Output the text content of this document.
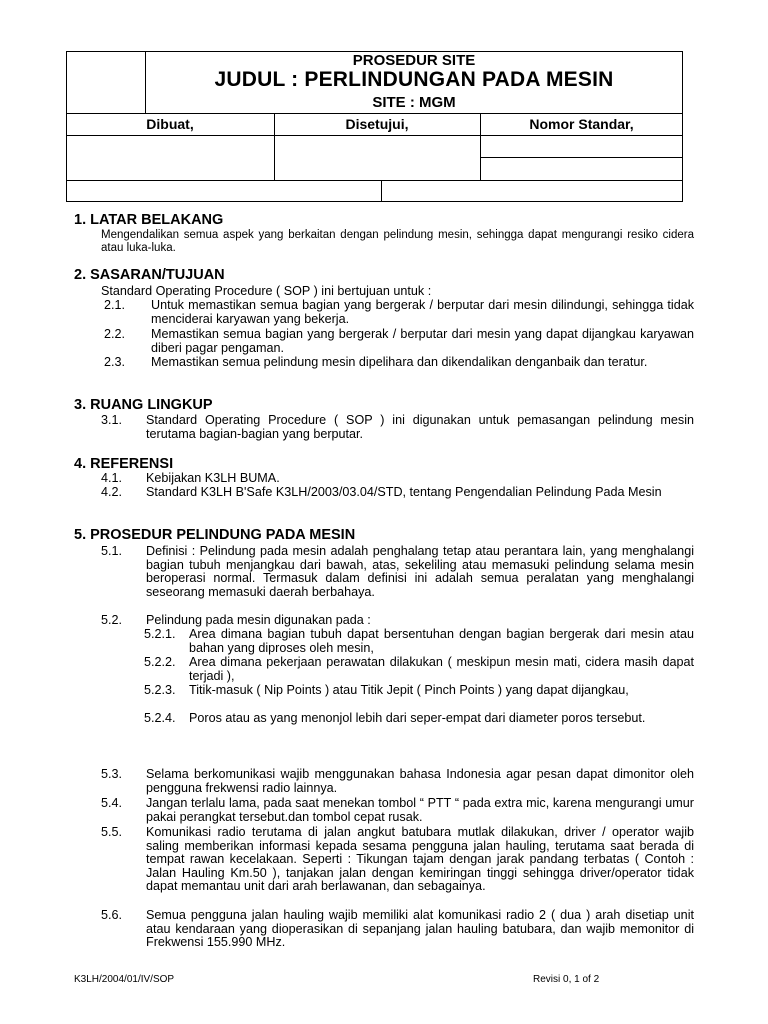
PROSEDUR SITE
JUDUL : PERLINDUNGAN PADA MESIN
SITE : MGM
Dibuat,	Disetujui,	Nomor Standar,
1. LATAR BELAKANG
Mengendalikan semua aspek yang berkaitan dengan pelindung mesin, sehingga dapat mengurangi resiko cidera atau luka-luka.
2. SASARAN/TUJUAN
Standard Operating Procedure ( SOP ) ini bertujuan untuk :
2.1. Untuk memastikan semua bagian yang bergerak / berputar dari mesin dilindungi, sehingga tidak menciderai karyawan yang bekerja.
2.2. Memastikan semua bagian yang bergerak / berputar dari mesin yang dapat dijangkau karyawan diberi pagar pengaman.
2.3. Memastikan semua pelindung mesin dipelihara dan dikendalikan denganbaik dan teratur.
3. RUANG LINGKUP
3.1. Standard Operating Procedure ( SOP ) ini digunakan untuk pemasangan pelindung mesin terutama bagian-bagian yang berputar.
4. REFERENSI
4.1. Kebijakan K3LH BUMA.
4.2. Standard K3LH B'Safe K3LH/2003/03.04/STD, tentang Pengendalian Pelindung Pada Mesin
5. PROSEDUR PELINDUNG PADA MESIN
5.1. Definisi : Pelindung pada mesin adalah penghalang tetap atau perantara lain, yang menghalangi bagian tubuh menjangkau dari bawah, atas, sekeliling atau memasuki pelindung selama mesin beroperasi normal. Termasuk dalam definisi ini adalah semua peralatan yang menghalangi seseorang memasuki daerah berbahaya.
5.2. Pelindung pada mesin digunakan pada :
5.2.1. Area dimana bagian tubuh dapat bersentuhan dengan bagian bergerak dari mesin atau bahan yang diproses oleh mesin,
5.2.2. Area dimana pekerjaan perawatan dilakukan ( meskipun mesin mati, cidera masih dapat terjadi ),
5.2.3. Titik-masuk ( Nip Points ) atau Titik Jepit ( Pinch Points ) yang dapat dijangkau,
5.2.4. Poros atau as yang menonjol lebih dari seper-empat dari diameter poros tersebut.
5.3. Selama berkomunikasi wajib menggunakan bahasa Indonesia agar pesan dapat dimonitor oleh pengguna frekwensi radio lainnya.
5.4. Jangan terlalu lama, pada saat menekan tombol “ PTT “ pada extra mic, karena mengurangi umur pakai perangkat tersebut.dan tombol cepat rusak.
5.5. Komunikasi radio terutama di jalan angkut batubara mutlak dilakukan, driver / operator wajib saling memberikan informasi kepada sesama pengguna jalan hauling, terutama saat berada di tempat rawan kecelakaan. Seperti : Tikungan tajam dengan jarak pandang terbatas ( Contoh : Jalan Hauling Km.50 ), tanjakan jalan dengan kemiringan tinggi sehingga driver/operator tidak dapat memantau unit dari arah berlawanan, dan sebagainya.
5.6. Semua pengguna jalan hauling wajib memiliki alat komunikasi radio 2 ( dua ) arah disetiap unit atau kendaraan yang dioperasikan di sepanjang jalan hauling batubara, dan wajib memonitor di Frekwensi 155.990 MHz.
K3LH/2004/01/IV/SOP	Revisi 0, 1 of 2
